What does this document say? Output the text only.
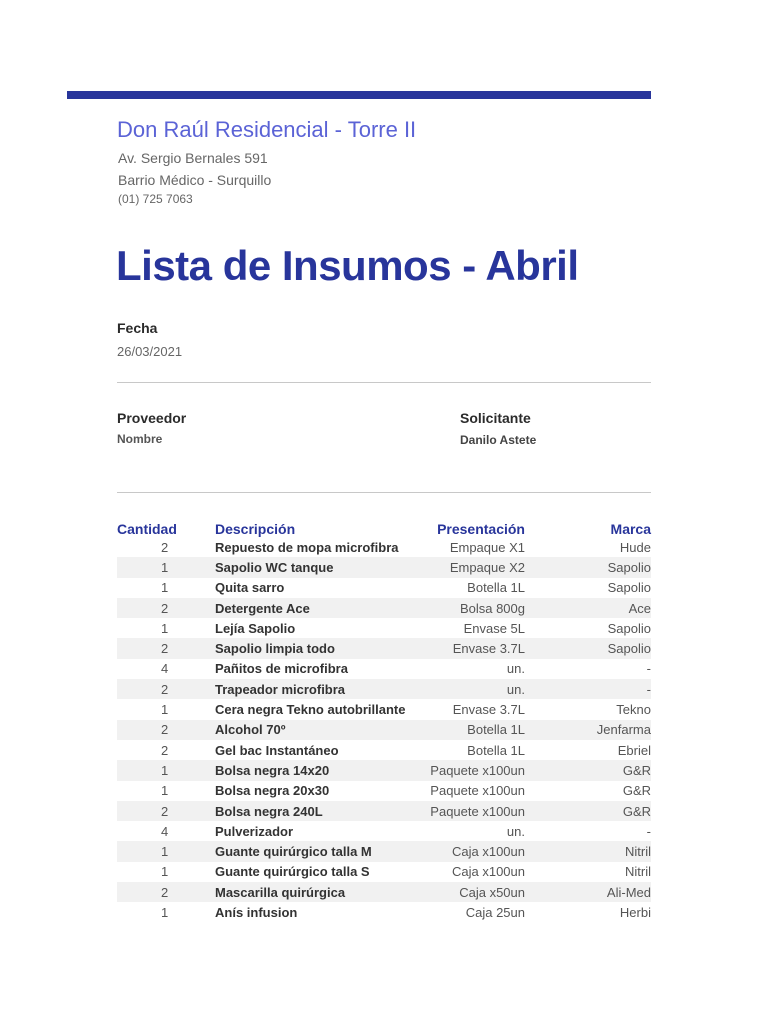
Don Raúl Residencial - Torre II
Av. Sergio Bernales 591
Barrio Médico - Surquillo
(01) 725 7063
Lista de Insumos - Abril
Fecha
26/03/2021
Proveedor
Nombre
Solicitante
Danilo Astete
Cantidad	Descripción	Presentación	Marca
2	Repuesto de mopa microfibra	Empaque X1	Hude
1	Sapolio WC tanque	Empaque X2	Sapolio
1	Quita sarro	Botella 1L	Sapolio
2	Detergente Ace	Bolsa 800g	Ace
1	Lejía Sapolio	Envase 5L	Sapolio
2	Sapolio limpia todo	Envase 3.7L	Sapolio
4	Pañitos de microfibra	un.	-
2	Trapeador microfibra	un.	-
1	Cera negra Tekno autobrillante	Envase 3.7L	Tekno
2	Alcohol 70º	Botella 1L	Jenfarma
2	Gel bac Instantáneo	Botella 1L	Ebriel
1	Bolsa negra 14x20	Paquete x100un	G&R
1	Bolsa negra 20x30	Paquete x100un	G&R
2	Bolsa negra 240L	Paquete x100un	G&R
4	Pulverizador	un.	-
1	Guante quirúrgico talla M	Caja x100un	Nitril
1	Guante quirúrgico talla S	Caja x100un	Nitril
2	Mascarilla quirúrgica	Caja x50un	Ali-Med
1	Anís infusion	Caja 25un	Herbi
